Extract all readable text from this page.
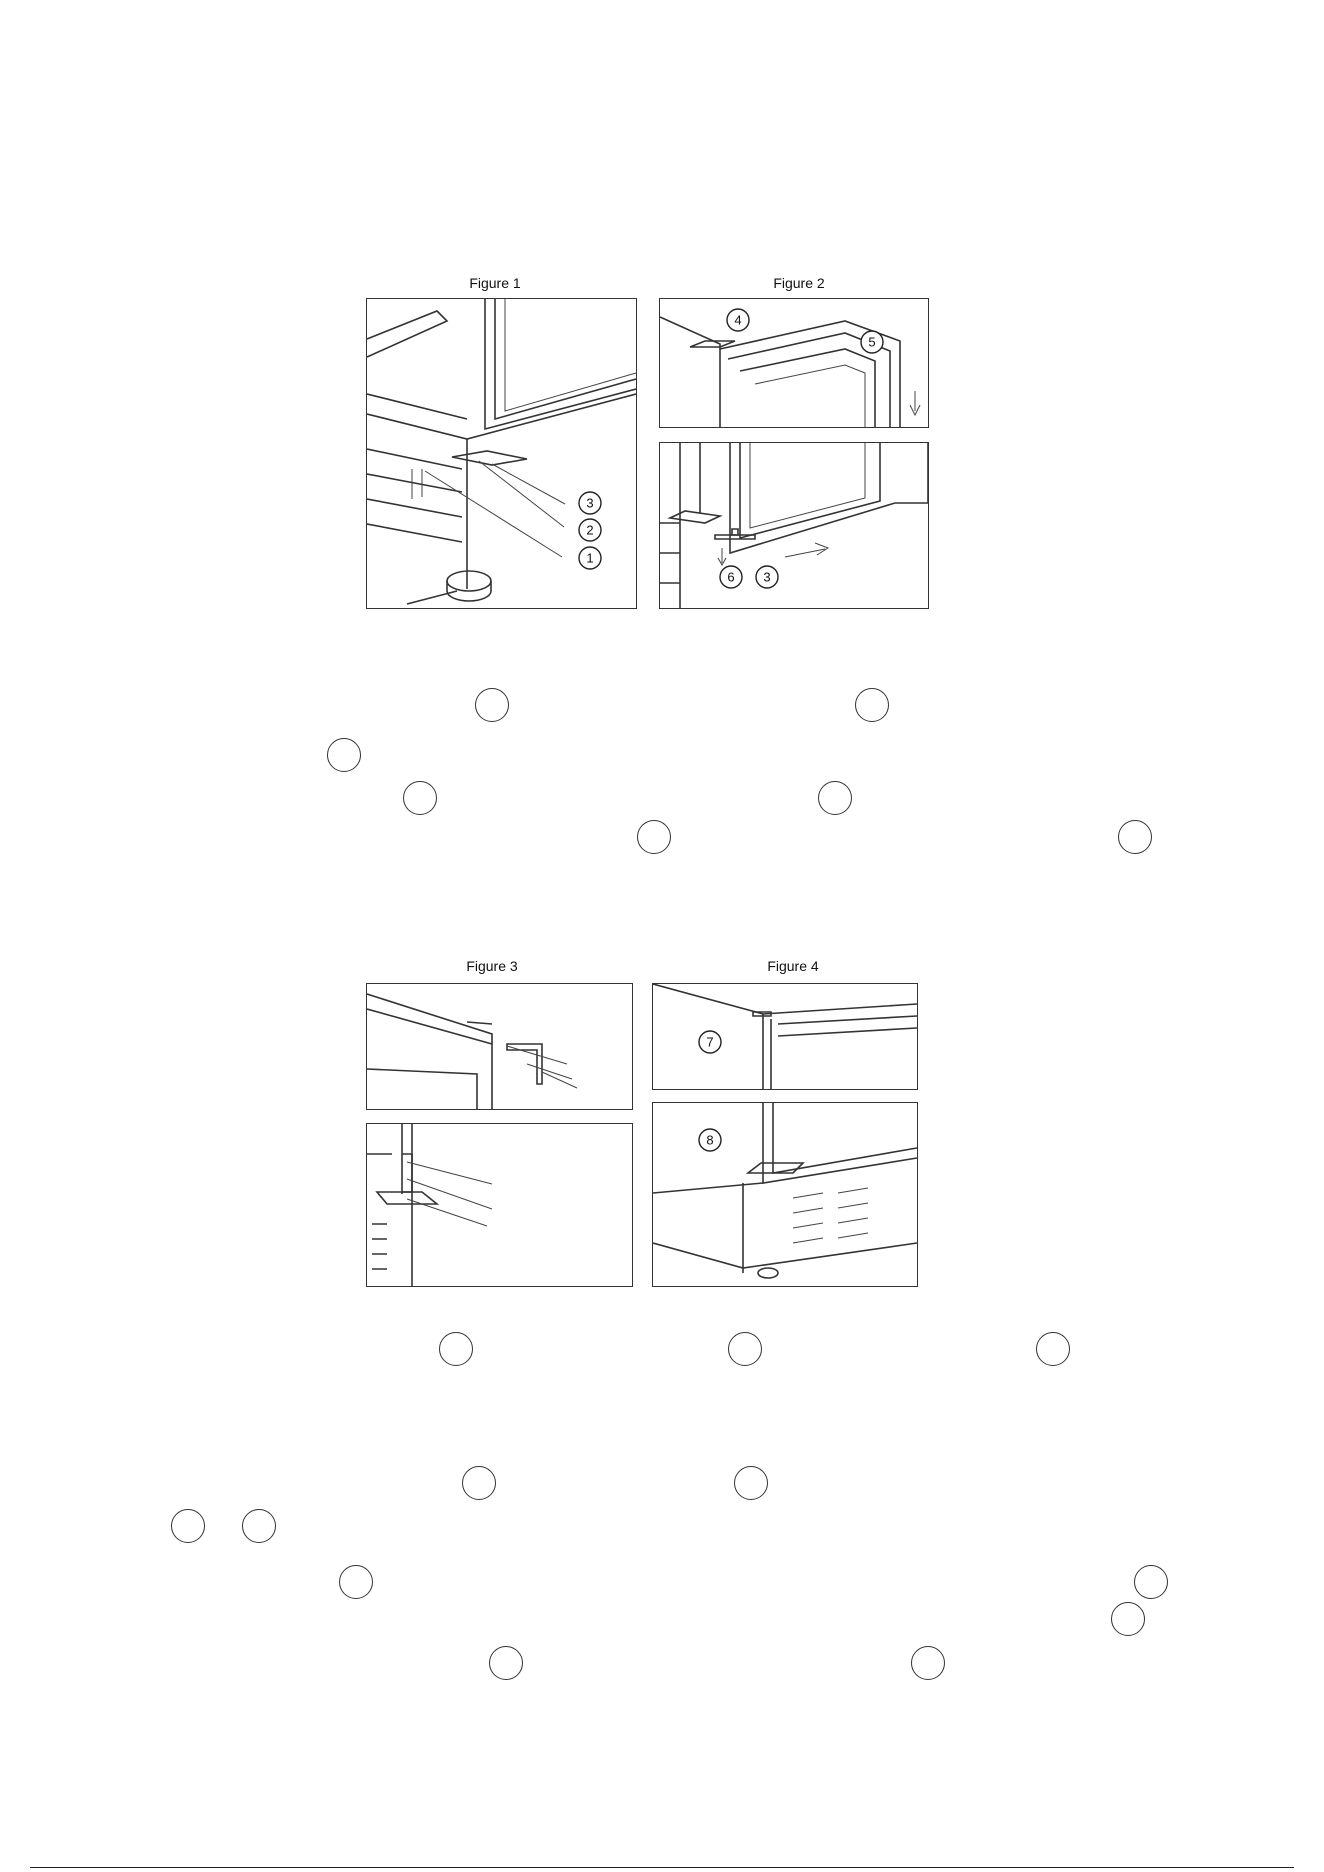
Figure 1	Figure 2
Figure 3	Figure 4
3
2
1
4
5
6 3
7
8
